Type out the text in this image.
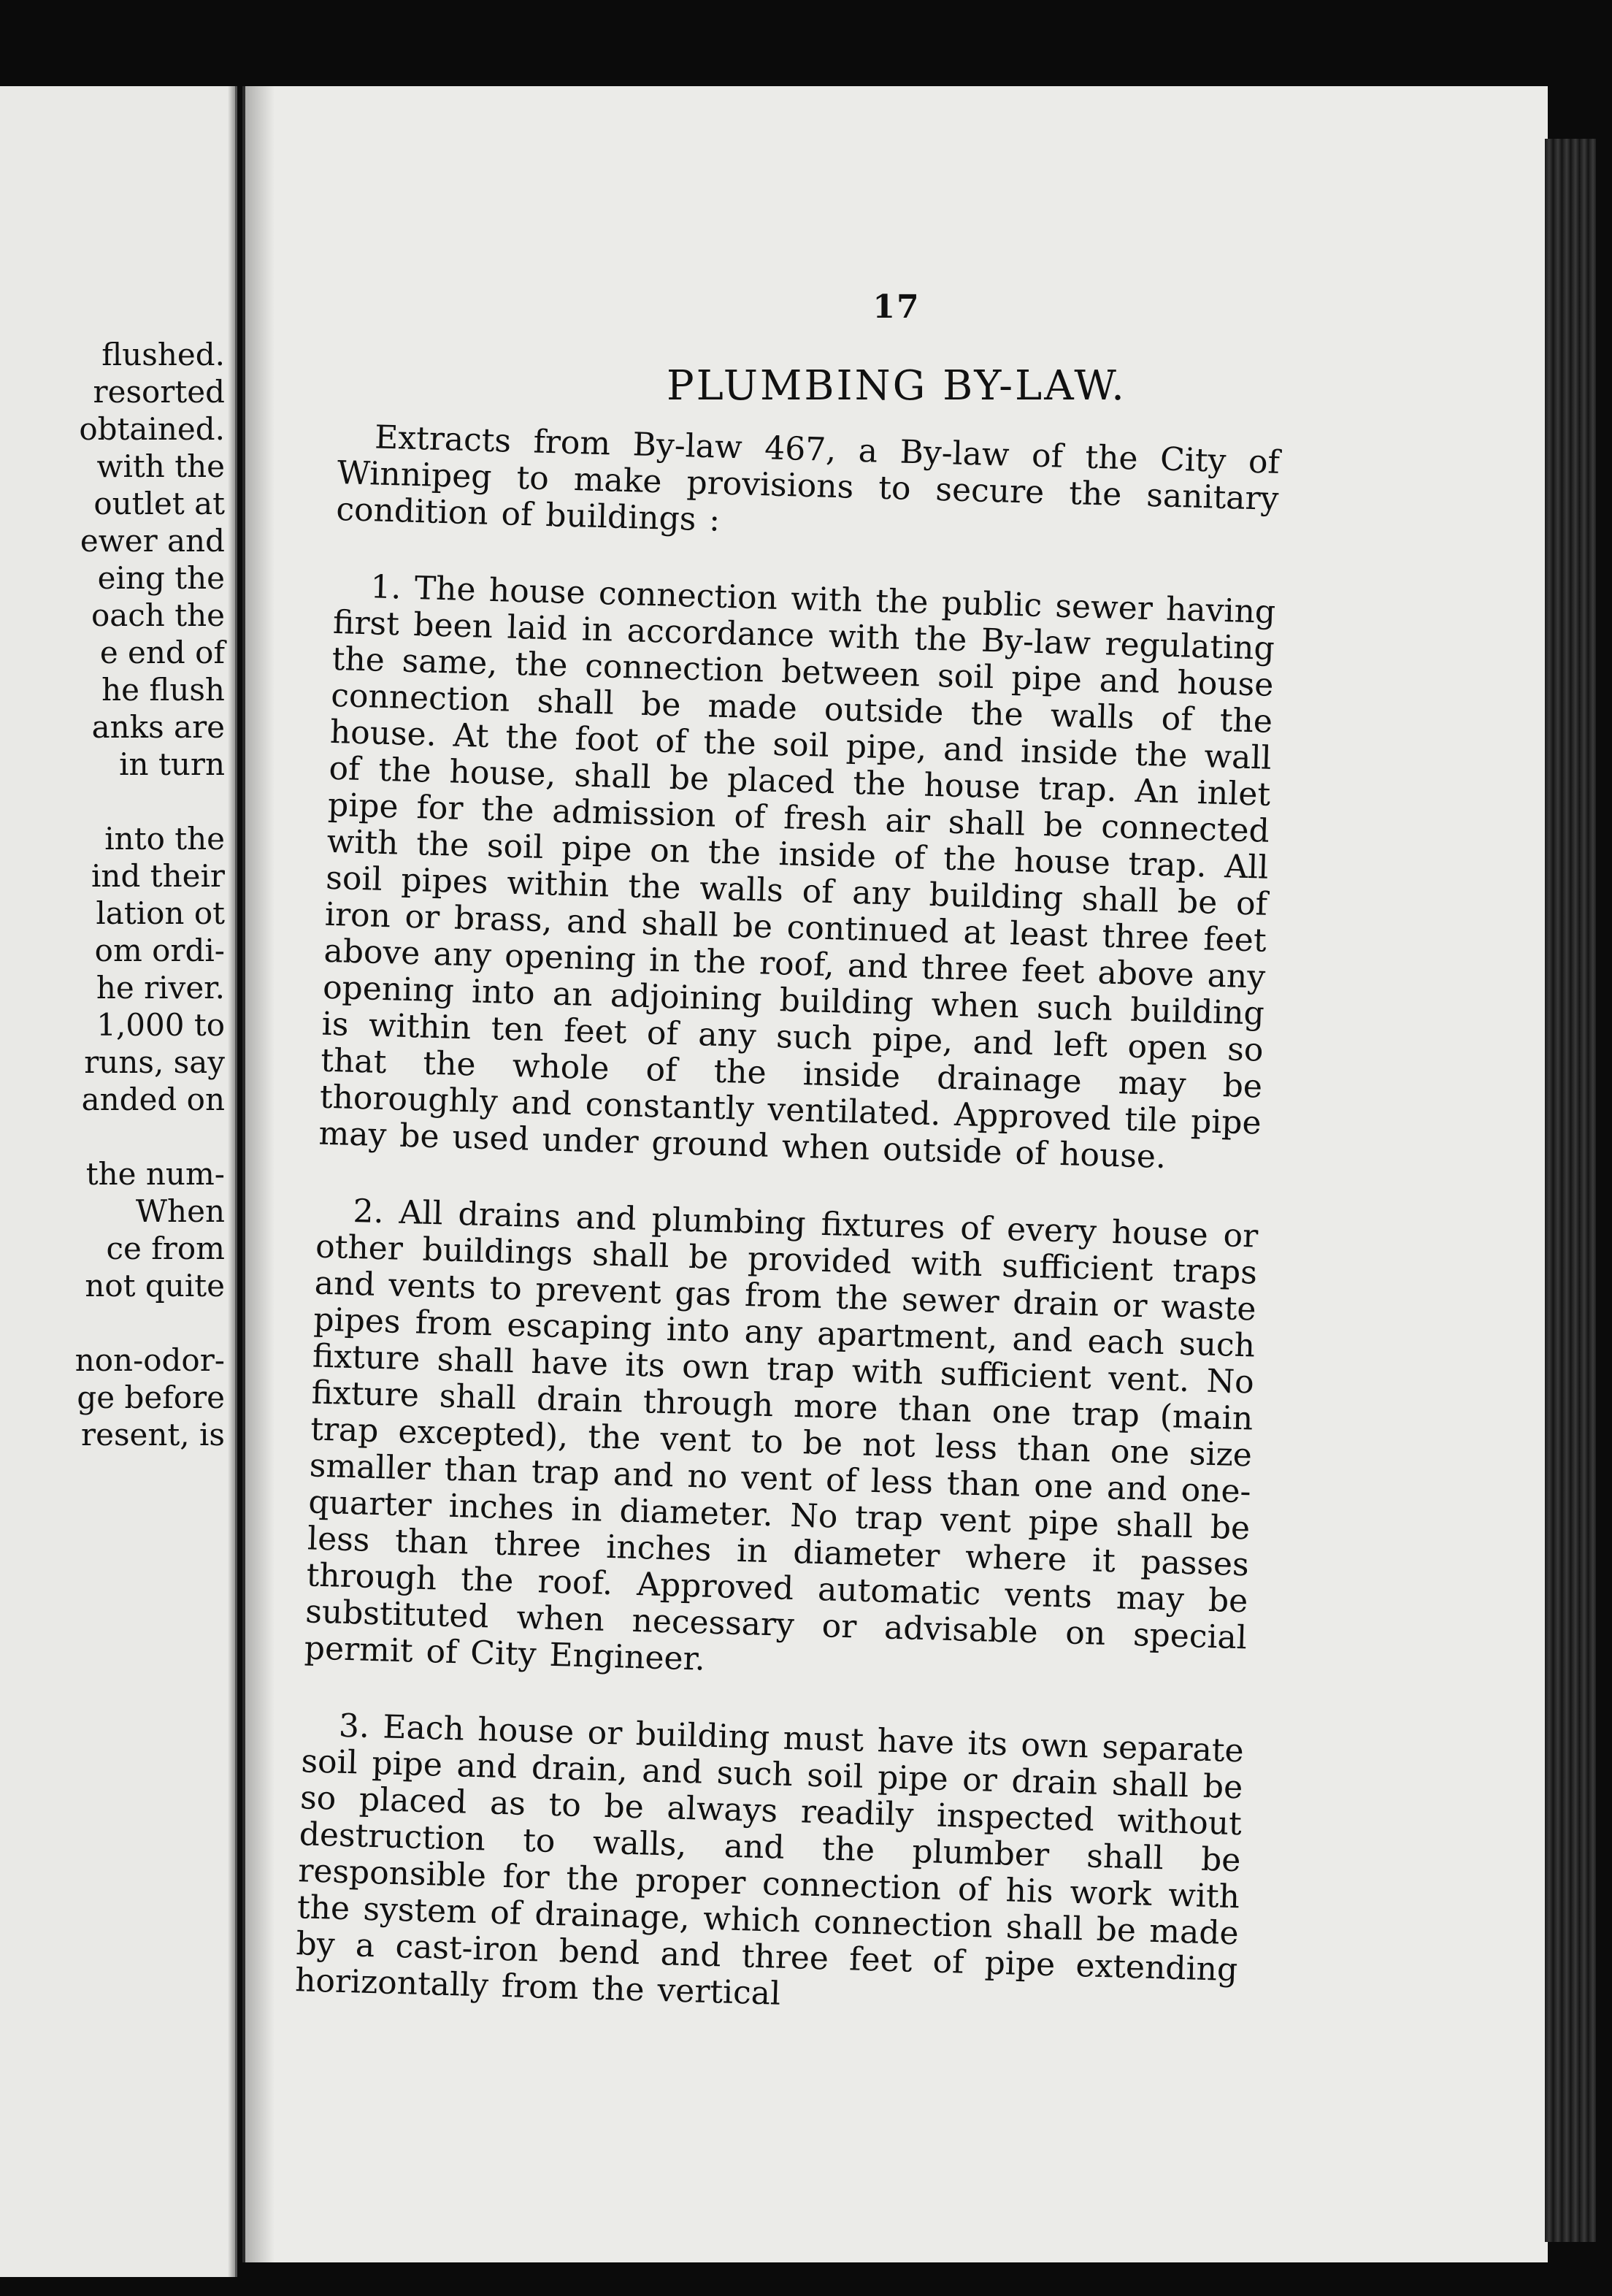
flushed.
resorted
obtained.
with the
outlet at
ewer and
eing the
oach the
e end of
he flush
anks are
in turn
into the
ind their
lation ot
om ordi-
he river.
1,000 to
runs, say
anded on
the num-
When
ce from
not quite
non-odor-
ge before
resent, is
17
PLUMBING BY-LAW.

Extracts from By-law 467, a By-law of the City of Winnipeg to make provisions to secure the sanitary condition of buildings :

1. The house connection with the public sewer having first been laid in accordance with the By-law regulating the same, the connection between soil pipe and house connection shall be made outside the walls of the house. At the foot of the soil pipe, and inside the wall of the house, shall be placed the house trap. An inlet pipe for the admission of fresh air shall be connected with the soil pipe on the inside of the house trap. All soil pipes within the walls of any building shall be of iron or brass, and shall be continued at least three feet above any opening in the roof, and three feet above any opening into an adjoining building when such building is within ten feet of any such pipe, and left open so that the whole of the inside drainage may be thoroughly and constantly ventilated. Approved tile pipe may be used under ground when outside of house.

2. All drains and plumbing fixtures of every house or other buildings shall be provided with sufficient traps and vents to prevent gas from the sewer drain or waste pipes from escaping into any apartment, and each such fixture shall have its own trap with sufficient vent. No fixture shall drain through more than one trap (main trap excepted), the vent to be not less than one size smaller than trap and no vent of less than one and one-quarter inches in diameter. No trap vent pipe shall be less than three inches in diameter where it passes through the roof. Approved automatic vents may be substituted when necessary or advisable on special permit of City Engineer.

3. Each house or building must have its own separate soil pipe and drain, and such soil pipe or drain shall be so placed as to be always readily inspected without destruction to walls, and the plumber shall be responsible for the proper connection of his work with the system of drainage, which connection shall be made by a cast-iron bend and three feet of pipe extending horizontally from the vertical
